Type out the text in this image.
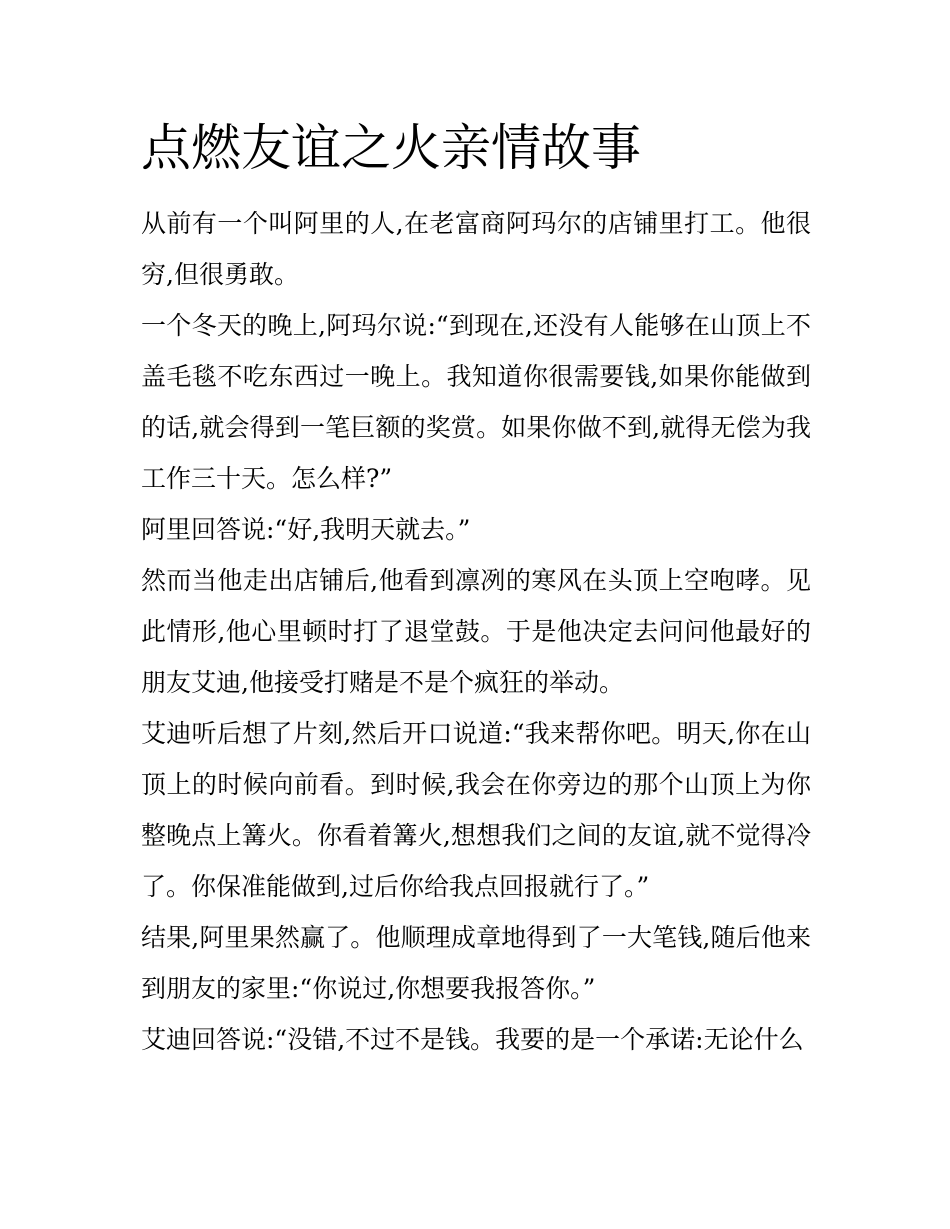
点燃友谊之火亲情故事

从前有一个叫阿里的人,在老富商阿玛尔的店铺里打工。他很穷,但很勇敢。

一个冬天的晚上,阿玛尔说:“到现在,还没有人能够在山顶上不盖毛毯不吃东西过一晚上。我知道你很需要钱,如果你能做到的话,就会得到一笔巨额的奖赏。如果你做不到,就得无偿为我工作三十天。怎么样?”

阿里回答说:“好,我明天就去。”

然而当他走出店铺后,他看到凛冽的寒风在头顶上空咆哮。见此情形,他心里顿时打了退堂鼓。于是他决定去问问他最好的朋友艾迪,他接受打赌是不是个疯狂的举动。

艾迪听后想了片刻,然后开口说道:“我来帮你吧。明天,你在山顶上的时候向前看。到时候,我会在你旁边的那个山顶上为你整晚点上篝火。你看着篝火,想想我们之间的友谊,就不觉得冷了。你保准能做到,过后你给我点回报就行了。”

结果,阿里果然赢了。他顺理成章地得到了一大笔钱,随后他来到朋友的家里:“你说过,你想要我报答你。”

艾迪回答说:“没错,不过不是钱。我要的是一个承诺:无论什么
